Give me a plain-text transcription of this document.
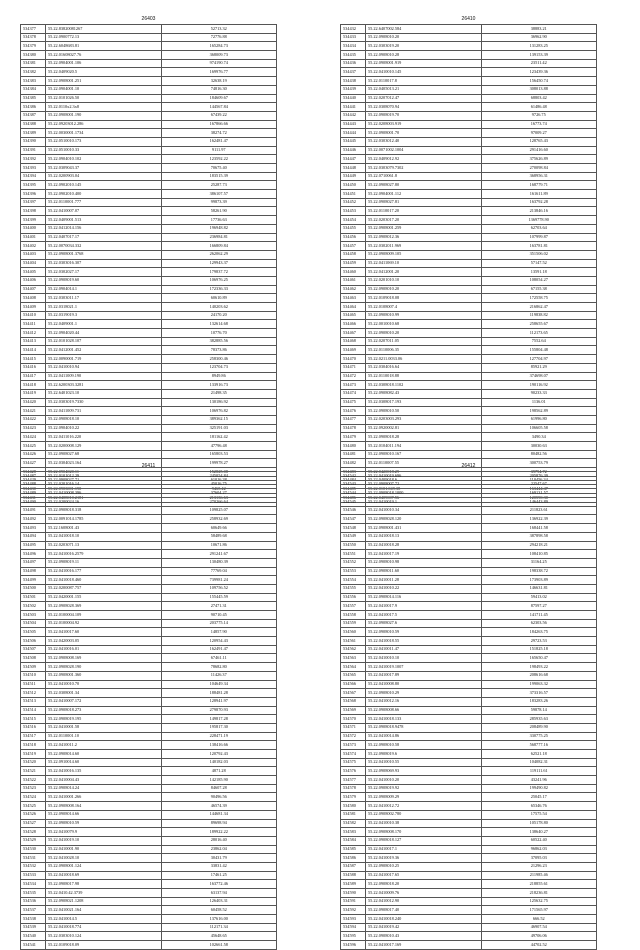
26403
534377	55.22.83820081267	52713.32
534378	55.22.0900772.13	72776.88
534379	55.22.6048683.81	165284.73
534380	55.22.01608027.76	368009.73
534381	55.22.0904001.106	974190.74
534382	55.22.0409020.5	169976.77
534383	55.22.0908001.251	32638.19
534384	55.22.0904001.10	74816.30
534385	55.22.0101026.50	184609.67
534386	55.22.0110x2.3x8	144567.84
534387	55.22.0908001.190	67439.22
534388	55.22.09203012.286	167866.66
534389	55.22.0030001.1734	38274.72
534390	55.22.0510010.173	162481.47
534391	55.22.0510010.33	9111.97
534392	55.22.0904010.102	123592.22
534393	55.22.0309043.37	70675.40
534394	55.22.0200903.04	183515.39
534395	55.22.0902010.145	25287.73
534396	55.22.0902010.400	386107.57
534397	55.22.0110001.777	99873.39
534398	55.22.0410007.07	58261.90
534399	55.22.0409001.513	17736.63
534400	55.22.0412014.156	196948.82
534401	55.22.0407017.17	236984.81
534402	55.22.0070034.332	166809.84
534403	55.22.0908001.3768	262062.29
534404	55.22.0303016.307	129943.37
534405	55.22.0302027.17	179837.72
534406	55.22.0908019.60	106976.25
534407	55.22.0904014.1	172336.33
534408	55.22.0303011.17	60610.89
534409	55.22.0318021.1	140203.62
534410	55.22.0319019.3	24170.20
534411	55.22.0409001.1	132614.68
534412	55.22.0904020.44	10776.70
534413	55.22.0101028.107	382885.56
534414	55.22.0412001.452	78373.86
534415	55.22.0090001.719	258300.46
534416	55.22.0410010.94	123704.73
534417	55.22.0411009.190	8949.86
534418	55.22.6200303.3281	133916.73
534419	55.22.6401023.10	21498.35
534420	55.22.0303019.7330	130186.92
534421	55.22.0411009.731	106976.82
534422	55.22.0908018.10	389362.15
534423	55.22.0904010.22	325191.03
534424	55.22.0411016.220	181162.42
534425	55.22.0200008.129	47796.48
534426	55.22.0908027.68	165803.53
534427	55.22.0304023.164	199978.27
534428	55.22.0904020.11	152825.08
534429	55.22.0908027.71	61016.38
534430	55.22.0903001.190	9465.42
534431	55.22.0408010.2181	213136.63
26410
534432	55.22.6407002.584	38883.21
534433	55.22.0908010.20	36962.90
534434	55.22.0303019.20	131283.25
534435	55.22.0908010.28	139153.39
534436	55.22.0908001.919	23511.42
534437	55.22.0410010.145	123439.36
534438	55.22.0110017.8	156450.74
534439	55.22.0405013.21	308013.88
534440	55.22.0207012.47	68803.42
534441	55.22.0308070.94	61486.48
534442	55.22.0908019.70	9726.75
534443	55.22.0208003.919	16773.74
534444	55.22.0908001.70	97009.27
534445	55.22.0303012.40	128765.43
534446	55.22.0071002.1004	291416.60
534447	55.22.0409012.92	375626.89
534448	55.22.0303079.7302	270098.84
534449	55.22.0710061.8	368956.31
534450	55.22.0908027.80	168779.71
534451	55.22.0904001.112	161611.89
534452	55.22.0908027.81	163792.28
534453	55.22.0110017.20	213846.16
534454	55.22.0203017.20	1369778.90
534455	55.22.0908001.259	62703.64
534456	55.22.0908012.36	107999.87
534457	55.22.0302011.969	163781.81
534458	55.22.0908009.105	351506.02
534459	55.22.0411069.10	57147.52
534460	55.22.0412001.20	13591.18
534461	55.22.0201010.10	108054.27
534462	55.22.0908010.20	67155.38
534463	55.22.0109018.08	172558.75
534464	55.22.0108007.4	216862.47
534465	55.22.0908010.99	119838.82
534466	55.22.0010010.68	258655.67
534467	55.22.0908010.20	112173.65
534468	55.22.0207011.05	7552.64
534469	55.22.0110006.35	155804.48
534470	55.22.0211.0033.06	127704.97
534471	55.22.0304016.64	85921.29
534472	55.22.0110018.88	374698.07
534473	55.22.0308018.1102	190116.92
534474	55.22.0908082.43	90233.33
534475	55.22.0308017.193	1136.01
534476	55.22.0908010.50	198562.89
534477	55.22.0203003.293	61996.80
534478	55.22.0920002.81	106605.58
534479	55.22.0908018.28	3490.34
534480	55.22.0104011.194	30030.63
534481	55.22.0908010.167	80482.56
534482	55.22.0110007.55	300753.79
534483	55.22.0420018.29	39794.72
534484	55.22.0409018.6	110456.34
534485	55.22.0101.049.38	163444.47
534486	55.22.0409007.56	120590.30
26411
534487	55.22.0101012.29	245054.84
534488	55.22.0201016.14	45016.75
534489	55.22.0410008.396	37604.27
534490	55.22.0200024.16	270266.64
534491	55.22.0908018.318	109825.07
534492	55.22.0091014.1785	258932.69
534493	55.22.1608001.43	60649.66
534494	55.22.0410018.10	58489.68
534495	55.22.0203071.13	10671.86
534496	55.22.0410016.2579	291241.67
534497	55.22.0908019.11	130480.39
534498	55.22.0410016.177	77769.04
534499	55.22.0410018.460	739981.24
534500	55.22.0200087.757	109756.52
534501	55.22.0420001.155	155445.59
534502	55.22.0908028.369	27471.31
534503	55.22.0100004.109	90710.45
534504	55.22.0100004.92	203775.14
534505	55.22.0410017.60	14857.90
534506	55.22.0420003.05	120954.43
534507	55.22.0410016.01	162491.47
534508	55.22.0908008.169	67461.11
534509	55.22.0908028.190	78682.80
534510	55.22.0908001.360	11426.37
534511	55.22.0410010.70	104649.34
534512	55.22.0308001.34	188481.28
534513	55.22.0410007.172	128941.97
534514	55.22.0908018.273	279870.93
534515	55.22.0908019.195	149817.28
534516	55.22.0410001.58	195817.30
534517	55.22.0110001.10	228471.19
534518	55.22.0410011.2	138416.66
534519	55.22.0908014.60	120792.43
534520	55.22.0910014.60	140182.03
534521	55.22.0410016.135	4871.28
534522	55.22.0410004.43	142185.90
534523	55.22.0908014.24	84607.28
534524	55.22.0410001.266	90496.56
534525	55.22.0908008.164	46574.39
534526	55.22.0908014.66	144681.34
534527	55.22.0908010.59	89698.94
534528	55.22.0410079.9	189922.22
534529	55.22.0410019.10	28016.40
534530	55.22.0410001.90	23862.04
534531	55.22.0410028.10	30431.79
534532	55.22.0908001.124	33831.42
534533	55.22.0410018.69	17461.25
534534	55.22.0908017.98	163772.46
534535	55.22.0410.42.3739	63137.94
534536	55.22.0908021.1208	126403.31
534537	55.22.0410021.164	60458.52
534538	55.22.0410014.5	137616.00
534539	55.22.0410018.774	112171.34
534540	55.22.0303010.124	45648.65
534541	55.22.0109018.09	102661.58
26412
534542	55.22.0410019.696	205876.39
534543	55.22.0908007.72	22547.67
534544	55.22.0908018.1000	169131.57
534545	55.22.0410019.1	146443.89
534546	55.22.0410010.34	211823.61
534547	55.22.0908028.120	136922.39
534548	55.22.0908001.431	168441.58
534549	55.22.0410018.13	387898.58
534550	55.22.0410018.28	294218.21
534551	55.22.0410017.19	108410.85
534552	55.22.0908010.98	31164.25
534553	55.22.0908011.60	198338.72
534554	55.22.0410011.28	173903.89
534555	55.22.0410010.22	146631.81
534556	55.22.0908014.116	59413.02
534557	55.22.0410017.9	87597.27
534558	55.22.0410017.5	141711.45
534559	55.22.0908027.6	62303.56
534560	55.22.0908010.59	184263.75
534561	55.22.0410018.55	29723.53
534562	55.22.0410011.47	151825.18
534563	55.22.0410010.10	165650.47
534564	55.22.0410019.1007	198493.22
534565	55.22.0410017.89	208616.68
534566	55.22.0410008.80	199063.32
534567	55.22.0908010.29	373316.57
534568	55.22.0410012.16	183283.26
534569	55.22.0908008.66	59878.14
534570	55.22.0410018.133	285935.63
534571	55.22.0908018.9478	208489.90
534572	55.22.0410014.86	330775.25
534573	55.22.0908010.58	568777.16
534574	55.22.0908019.6	62521.18
534575	55.22.0410010.55	104082.31
534576	55.22.0908069.93	119111.61
534577	55.22.0410010.20	43241.96
534578	55.22.0908019.92	199490.82
534579	55.22.0908009.29	25045.17
534580	55.22.0410012.72	65346.76
534581	55.22.0908002.780	17575.54
534582	55.22.0410010.38	105178.80
534583	55.22.0908008.170	138640.27
534584	55.22.0908018.127	60522.40
534585	55.22.0410017.1	96862.03
534586	55.22.0410019.36	37095.03
534587	55.22.0908010.25	21296.23
534588	55.22.0410017.65	211985.46
534589	55.22.0908018.20	218855.61
534590	55.22.0410009.76	218236.81
534591	55.22.0410012.90	125632.75
534592	55.22.0908017.40	171565.97
534593	55.22.0410018.240	666.52
534594	55.22.0410019.42	46907.54
534595	55.22.0908010.43	49706.06
534596	55.22.0410017.169	44702.52
